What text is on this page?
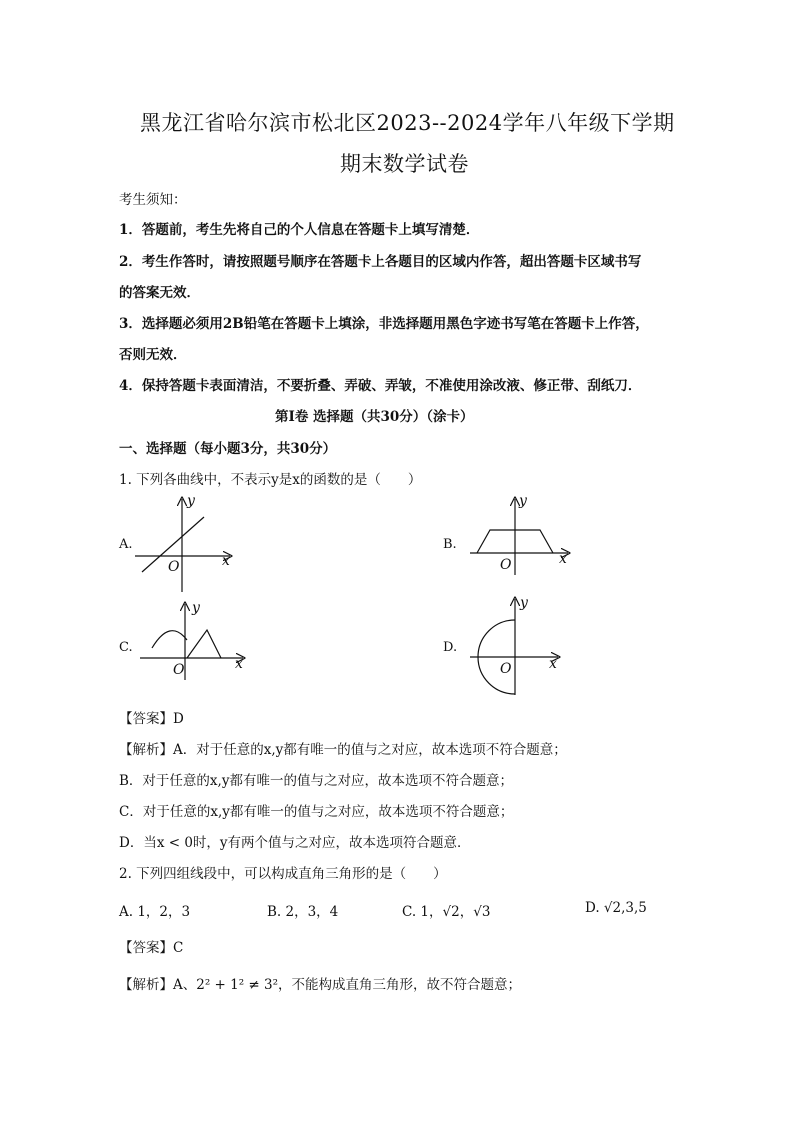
黑龙江省哈尔滨市松北区2023--2024学年八年级下学期
期末数学试卷
考生须知：
1．答题前，考生先将自己的个人信息在答题卡上填写清楚．
2．考生作答时，请按照题号顺序在答题卡上各题目的区域内作答，超出答题卡区域书写
的答案无效．
3．选择题必须用2B铅笔在答题卡上填涂，非选择题用黑色字迹书写笔在答题卡上作答，
否则无效．
4．保持答题卡表面清洁，不要折叠、弄破、弄皱，不准使用涂改液、修正带、刮纸刀．
第Ⅰ卷 选择题（共30分）（涂卡）
一、选择题（每小题3分，共30分）
1. 下列各曲线中，不表示y是x的函数的是（　　）
A.	B.
C.	D.
y
x
O
y
x
O
y
x
O
y
x
O
【答案】D
【解析】A．对于任意的x,y都有唯一的值与之对应，故本选项不符合题意；
B．对于任意的x,y都有唯一的值与之对应，故本选项不符合题意；
C．对于任意的x,y都有唯一的值与之对应，故本选项不符合题意；
D．当x < 0时，y有两个值与之对应，故本选项符合题意．
2. 下列四组线段中，可以构成直角三角形的是（　　）
A. 1，2，3	B. 2，3，4	C. 1，√2，√3	D. √2,3,5
【答案】C
【解析】A、2² + 1² ≠ 3²，不能构成直角三角形，故不符合题意；
